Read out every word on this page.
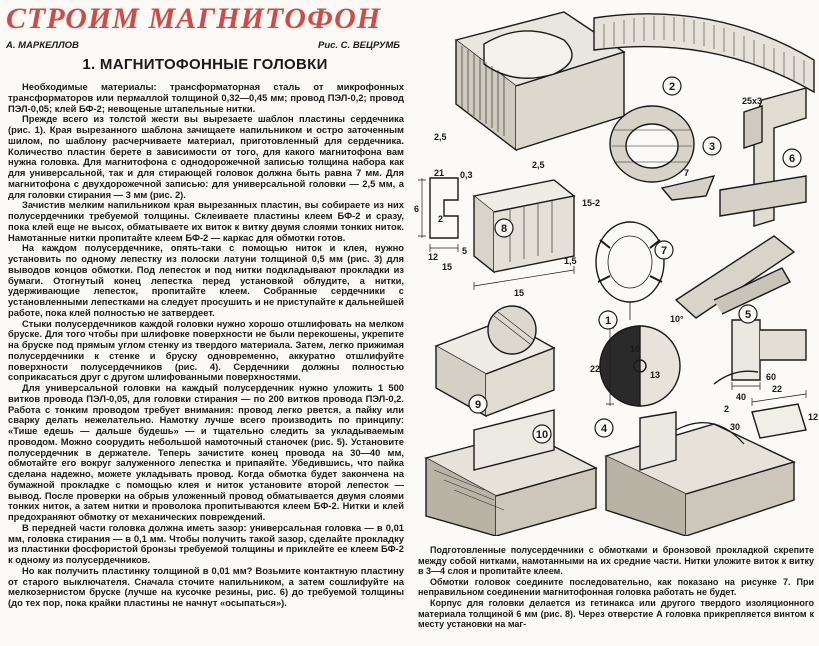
СТРОИМ МАГНИТОФОН
А. МАРКЕЛЛОВ	Рис. С. ВЕЦРУМБ
1. МАГНИТОФОННЫЕ ГОЛОВКИ

Необходимые материалы: трансформаторная сталь от микрофонных трансформаторов или пермаллой толщиной 0,32—0,45 мм; провод ПЭЛ-0,2; провод ПЭЛ-0,05; клей БФ-2; невощеные штапельные нитки.

Прежде всего из толстой жести вы вырезаете шаблон пластины сердечника (рис. 1). Края вырезанного шаблона зачищаете напильником и остро заточенным шилом, по шаблону расчерчиваете материал, приготовленный для сердечника. Количество пластин берете в зависимости от того, для какого магнитофона вам нужна головка. Для магнитофона с однодорожечной записью толщина набора как для универсальной, так и для стирающей головок должна быть равна 7 мм. Для магнитофона с двухдорожечной записью: для универсальной головки — 2,5 мм, а для головки стирания — 3 мм (рис. 2).

Зачистив мелким напильником края вырезанных пластин, вы собираете из них полусердечники требуемой толщины. Склеиваете пластины клеем БФ-2 и сразу, пока клей еще не высох, обматываете их виток к витку двумя слоями тонких ниток. Намотанные нитки пропитайте клеем БФ-2 — каркас для обмотки готов.

На каждом полусердечнике, опять-таки с помощью ниток и клея, нужно установить по одному лепестку из полоски латуни толщиной 0,5 мм (рис. 3) для выводов концов обмотки. Под лепесток и под нитки подкладывают прокладки из бумаги. Отогнутый конец лепестка перед установкой облудите, а нитки, удерживающие лепесток, пропитайте клеем. Собранные сердечники с установленными лепестками на следует просушить и не приступайте к дальнейшей работе, пока клей полностью не затвердеет.

Стыки полусердечников каждой головки нужно хорошо отшлифовать на мелком бруске. Для того чтобы при шлифовке поверхности не были перекошены, укрепите на бруске под прямым углом стенку из твердого материала. Затем, легко прижимая полусердечники к стенке и бруску одновременно, аккуратно отшлифуйте поверхности полусердечников (рис. 4). Сердечники должны полностью соприкасаться друг с другом шлифованными поверхностями.

Для универсальной головки на каждый полусердечник нужно уложить 1 500 витков провода ПЭЛ-0,05, для головки стирания — по 200 витков провода ПЭЛ-0,2. Работа с тонким проводом требует внимания: провод легко рвется, а пайку или сварку делать нежелательно. Намотку лучше всего производить по принципу: «Тише едешь — дальше будешь» — и тщательно следить за укладываемым проводом. Можно соорудить небольшой намоточный станочек (рис. 5). Установите полусердечник в держателе. Теперь зачистите конец провода на 30—40 мм, обмотайте его вокруг залуженного лепестка и припаяйте. Убедившись, что пайка сделана надежно, можете укладывать провод. Когда обмотка будет закончена на бумажной прокладке с помощью клея и ниток установите второй лепесток — вывод. После проверки на обрыв уложенный провод обматывается двумя слоями тонких ниток, а затем нитки и проволока пропитываются клеем БФ-2. Нитки и клей предохраняют обмотку от механических повреждений.

В передней части головка должна иметь зазор: универсальная головка — в 0,01 мм, головка стирания — в 0,1 мм. Чтобы получить такой зазор, сделайте прокладку из пластинки фосфористой бронзы требуемой толщины и приклейте ее клеем БФ-2 к одному из полусердечников.

Но как получить пластинку толщиной в 0,01 мм? Возьмите контактную пластину от старого выключателя. Сначала сточите напильником, а затем сошлифуйте на мелкозернистом бруске (лучше на кусочке резины, рис. 6) до требуемой толщины (до тех пор, пока крайки пластины не начнут «осыпаться»).

2
3
4
5
6
7
8
9
10
1
2,5
2,5
25x3
21 0,3
12
6
15
15
1,5
5
2
15-2
7
10
22
13
10°
60
40
30
22
12
2

Подготовленные полусердечники с обмотками и бронзовой прокладкой скрепите между собой нитками, намотанными на их средние части. Нитки уложите виток к витку в 3—4 слоя и пропитайте клеем.

Обмотки головок соедините последовательно, как показано на рисунке 7. При неправильном соединении магнитофонная головка работать не будет.

Корпус для головки делается из гетинакса или другого твердого изоляционного материала толщиной 6 мм (рис. 8). Через отверстие А головка прикрепляется винтом к месту установки на маг-
